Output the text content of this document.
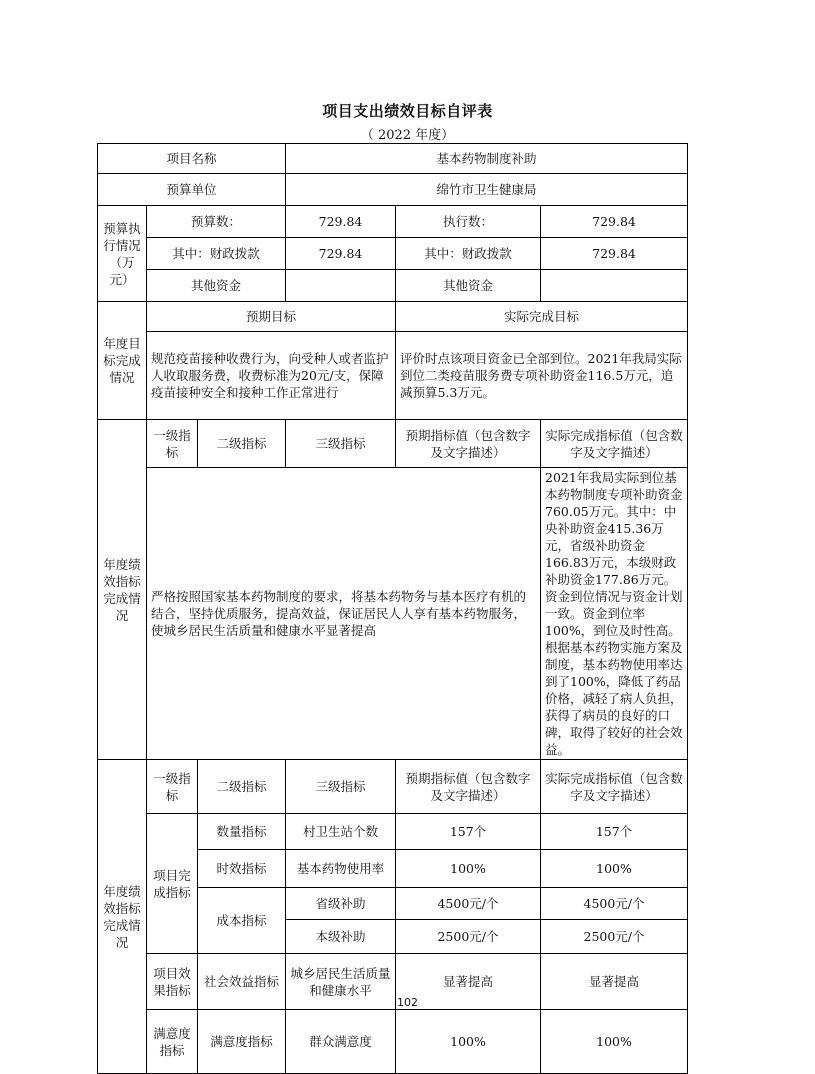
项目支出绩效目标自评表
（ 2022 年度）
项目名称			基本药物制度补助		
预算单位			绵竹市卫生健康局		
预算执行情况（万元）	预算数：		729.84	执行数：	729.84
	其中：财政拨款		729.84	其中：财政拨款	729.84
	其他资金			其他资金	
年度目标完成情况	预期目标			实际完成目标	
	规范疫苗接种收费行为，向受种人或者监护人收取服务费，收费标准为20元/支，保障疫苗接种安全和接种工作正常进行			评价时点该项目资金已全部到位。2021年我局实际到位二类疫苗服务费专项补助资金116.5万元，追减预算5.3万元。	
年度绩效指标完成情况	一级指标	二级指标	三级指标	预期指标值（包含数字及文字描述）	实际完成指标值（包含数字及文字描述）
	严格按照国家基本药物制度的要求，将基本药物务与基本医疗有机的结合，坚持优质服务，提高效益，保证居民人人享有基本药物服务，使城乡居民生活质量和健康水平显著提高				2021年我局实际到位基本药物制度专项补助资金760.05万元。其中：中央补助资金415.36万元，省级补助资金166.83万元，本级财政补助资金177.86万元。资金到位情况与资金计划一致。资金到位率100%，到位及时性高。根据基本药物实施方案及制度，基本药物使用率达到了100%，降低了药品价格，减轻了病人负担，获得了病员的良好的口碑，取得了较好的社会效益。
年度绩效指标完成情况	一级指标	二级指标	三级指标	预期指标值（包含数字及文字描述）	实际完成指标值（包含数字及文字描述）
	项目完成指标	数量指标	村卫生站个数	157个	157个
		时效指标	基本药物使用率	100%	100%
		成本指标	省级补助	4500元/个	4500元/个
			本级补助	2500元/个	2500元/个
	项目效果指标	社会效益指标	城乡居民生活质量和健康水平	显著提高	显著提高
	满意度指标	满意度指标	群众满意度	100%	100%

102
